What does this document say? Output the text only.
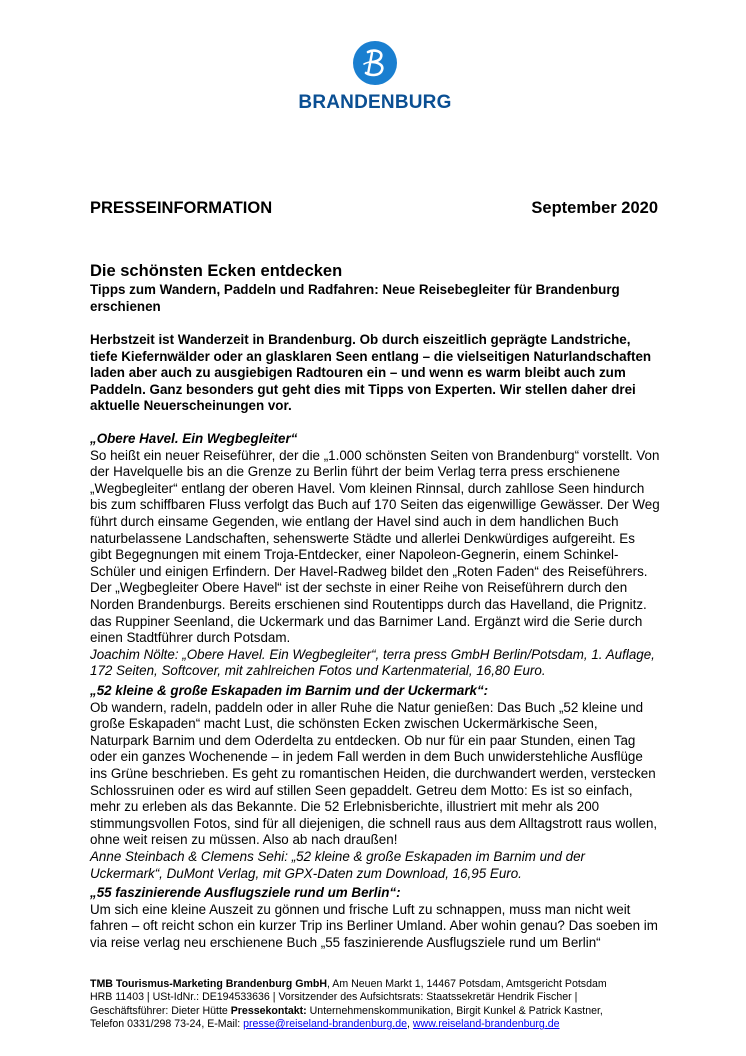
BRANDENBURG
PRESSEINFORMATION	September 2020
Die schönsten Ecken entdecken
Tipps zum Wandern, Paddeln und Radfahren: Neue Reisebegleiter für Brandenburg erschienen
Herbstzeit ist Wanderzeit in Brandenburg. Ob durch eiszeitlich geprägte Landstriche, tiefe Kiefernwälder oder an glasklaren Seen entlang – die vielseitigen Naturlandschaften laden aber auch zu ausgiebigen Radtouren ein – und wenn es warm bleibt auch zum Paddeln. Ganz besonders gut geht dies mit Tipps von Experten. Wir stellen daher drei aktuelle Neuerscheinungen vor.

„Obere Havel. Ein Wegbegleiter“

So heißt ein neuer Reiseführer, der die „1.000 schönsten Seiten von Brandenburg“ vorstellt. Von der Havelquelle bis an die Grenze zu Berlin führt der beim Verlag terra press erschienene „Wegbegleiter“ entlang der oberen Havel. Vom kleinen Rinnsal, durch zahllose Seen hindurch bis zum schiffbaren Fluss verfolgt das Buch auf 170 Seiten das eigenwillige Gewässer. Der Weg führt durch einsame Gegenden, wie entlang der Havel sind auch in dem handlichen Buch naturbelassene Landschaften, sehenswerte Städte und allerlei Denkwürdiges aufgereiht. Es gibt Begegnungen mit einem Troja-Entdecker, einer Napoleon-Gegnerin, einem Schinkel-Schüler und einigen Erfindern. Der Havel-Radweg bildet den „Roten Faden“ des Reiseführers. Der „Wegbegleiter Obere Havel“ ist der sechste in einer Reihe von Reiseführern durch den Norden Brandenburgs. Bereits erschienen sind Routentipps durch das Havelland, die Prignitz. das Ruppiner Seenland, die Uckermark und das Barnimer Land. Ergänzt wird die Serie durch einen Stadtführer durch Potsdam.

Joachim Nölte: „Obere Havel. Ein Wegbegleiter“, terra press GmbH Berlin/Potsdam, 1. Auflage, 172 Seiten, Softcover, mit zahlreichen Fotos und Kartenmaterial, 16,80 Euro.

„52 kleine & große Eskapaden im Barnim und der Uckermark“:

Ob wandern, radeln, paddeln oder in aller Ruhe die Natur genießen: Das Buch „52 kleine und große Eskapaden“ macht Lust, die schönsten Ecken zwischen Uckermärkische Seen, Naturpark Barnim und dem Oderdelta zu entdecken. Ob nur für ein paar Stunden, einen Tag oder ein ganzes Wochenende – in jedem Fall werden in dem Buch unwiderstehliche Ausflüge ins Grüne beschrieben. Es geht zu romantischen Heiden, die durchwandert werden, verstecken Schlossruinen oder es wird auf stillen Seen gepaddelt. Getreu dem Motto: Es ist so einfach, mehr zu erleben als das Bekannte. Die 52 Erlebnisberichte, illustriert mit mehr als 200 stimmungsvollen Fotos, sind für all diejenigen, die schnell raus aus dem Alltagstrott raus wollen, ohne weit reisen zu müssen. Also ab nach draußen!

Anne Steinbach & Clemens Sehi: „52 kleine & große Eskapaden im Barnim und der Uckermark“, DuMont Verlag, mit GPX-Daten zum Download, 16,95 Euro.

„55 faszinierende Ausflugsziele rund um Berlin“:

Um sich eine kleine Auszeit zu gönnen und frische Luft zu schnappen, muss man nicht weit fahren – oft reicht schon ein kurzer Trip ins Berliner Umland. Aber wohin genau? Das soeben im via reise verlag neu erschienene Buch „55 faszinierende Ausflugsziele rund um Berlin“

TMB Tourismus-Marketing Brandenburg GmbH, Am Neuen Markt 1, 14467 Potsdam, Amtsgericht Potsdam
HRB 11403 | USt-IdNr.: DE194533636 | Vorsitzender des Aufsichtsrats: Staatssekretär Hendrik Fischer |
Geschäftsführer: Dieter Hütte Pressekontakt: Unternehmenskommunikation, Birgit Kunkel & Patrick Kastner,
Telefon 0331/298 73-24, E-Mail: presse@reiseland-brandenburg.de, www.reiseland-brandenburg.de
